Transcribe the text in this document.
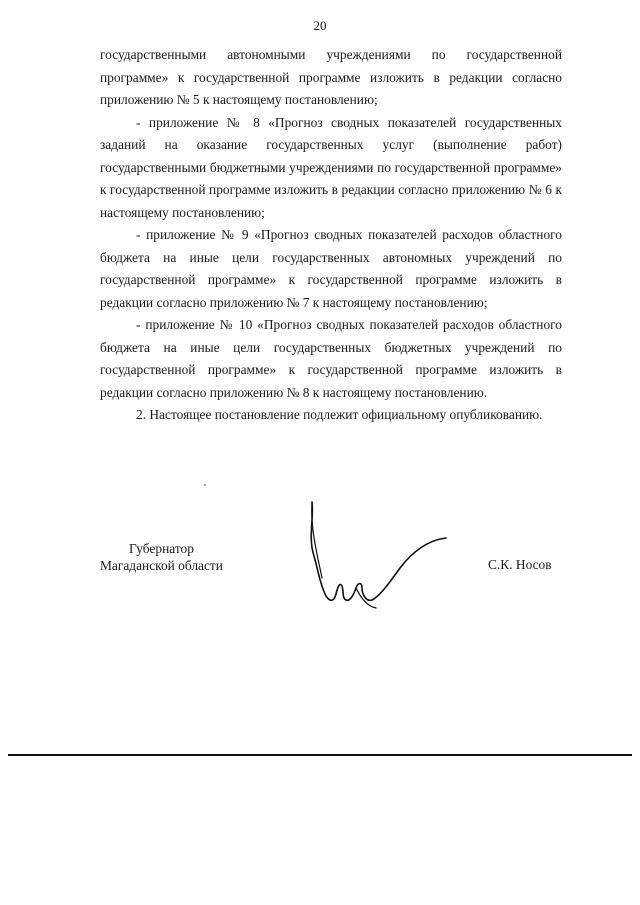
20

государственными автономными учреждениями по государственной программе» к государственной программе изложить в редакции согласно приложению № 5 к настоящему постановлению;

- приложение № 8 «Прогноз сводных показателей государственных заданий на оказание государственных услуг (выполнение работ) государственными бюджетными учреждениями по государственной программе» к государственной программе изложить в редакции согласно приложению № 6 к настоящему постановлению;

- приложение № 9 «Прогноз сводных показателей расходов областного бюджета на иные цели государственных автономных учреждений по государственной программе» к государственной программе изложить в редакции согласно приложению № 7 к настоящему постановлению;

- приложение № 10 «Прогноз сводных показателей расходов областного бюджета на иные цели государственных бюджетных учреждений по государственной программе» к государственной программе изложить в редакции согласно приложению № 8 к настоящему постановлению.

2. Настоящее постановление подлежит официальному опубликованию.

Губернатор
Магаданской области	С.К. Носов
